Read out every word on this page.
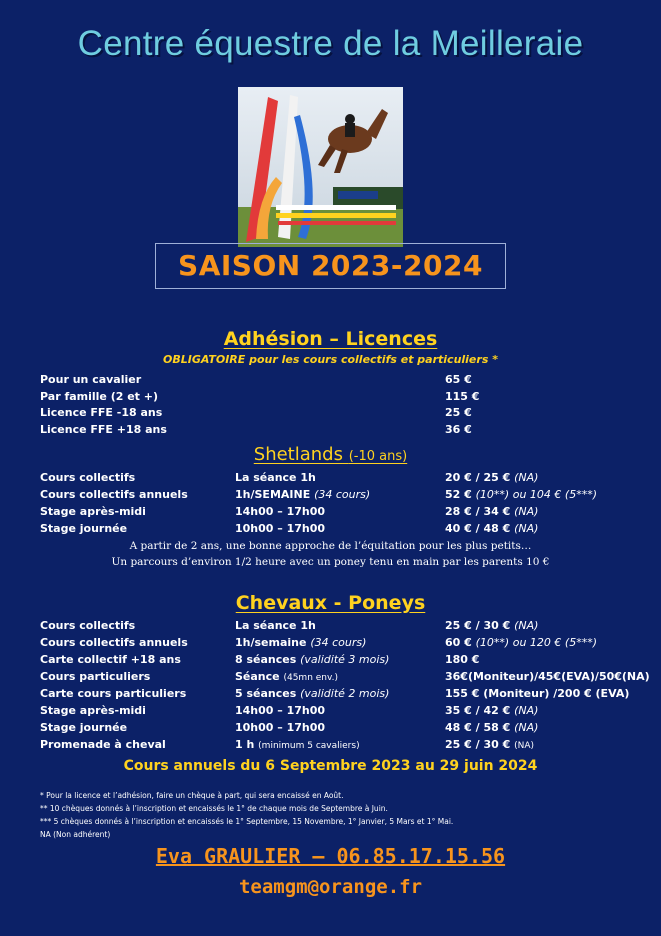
Centre équestre de la Meilleraie
SAISON 2023-2024
Adhésion – Licences
OBLIGATOIRE pour les cours collectifs et particuliers *
Pour un cavalier	65 €
Par famille (2 et +)	115 €
Licence FFE -18 ans	25 €
Licence FFE +18 ans	36 €
Shetlands (-10 ans)
Cours collectifs	La séance 1h	20 € / 25 € (NA)
Cours collectifs annuels	1h/SEMAINE (34 cours)	52 € (10**) ou 104 € (5***)
Stage après-midi	14h00 – 17h00	28 € / 34 € (NA)
Stage journée	10h00 – 17h00	40 € / 48 € (NA)
A partir de 2 ans, une bonne approche de l’équitation pour les plus petits…
Un parcours d’environ 1/2 heure avec un poney tenu en main par les parents 10 €
Chevaux - Poneys
Cours collectifs	La séance 1h	25 € / 30 € (NA)
Cours collectifs annuels	1h/semaine (34 cours)	60 € (10**) ou 120 € (5***)
Carte collectif +18 ans	8 séances (validité 3 mois)	180 €
Cours particuliers	Séance (45mn env.)	36€(Moniteur)/45€(EVA)/50€(NA)
Carte cours particuliers	5 séances (validité 2 mois)	155 € (Moniteur) /200 € (EVA)
Stage après-midi	14h00 – 17h00	35 € / 42 € (NA)
Stage journée	10h00 – 17h00	48 € / 58 € (NA)
Promenade à cheval	1 h (minimum 5 cavaliers)	25 € / 30 € (NA)
Cours annuels du 6 Septembre 2023 au 29 juin 2024
* Pour la licence et l’adhésion, faire un chèque à part, qui sera encaissé en Août.
** 10 chèques donnés à l’inscription et encaissés le 1° de chaque mois de Septembre à Juin.
*** 5 chèques donnés à l’inscription et encaissés le 1° Septembre, 15 Novembre, 1° Janvier, 5 Mars et 1° Mai.
NA (Non adhérent)
Eva GRAULIER – 06.85.17.15.56
teamgm@orange.fr
